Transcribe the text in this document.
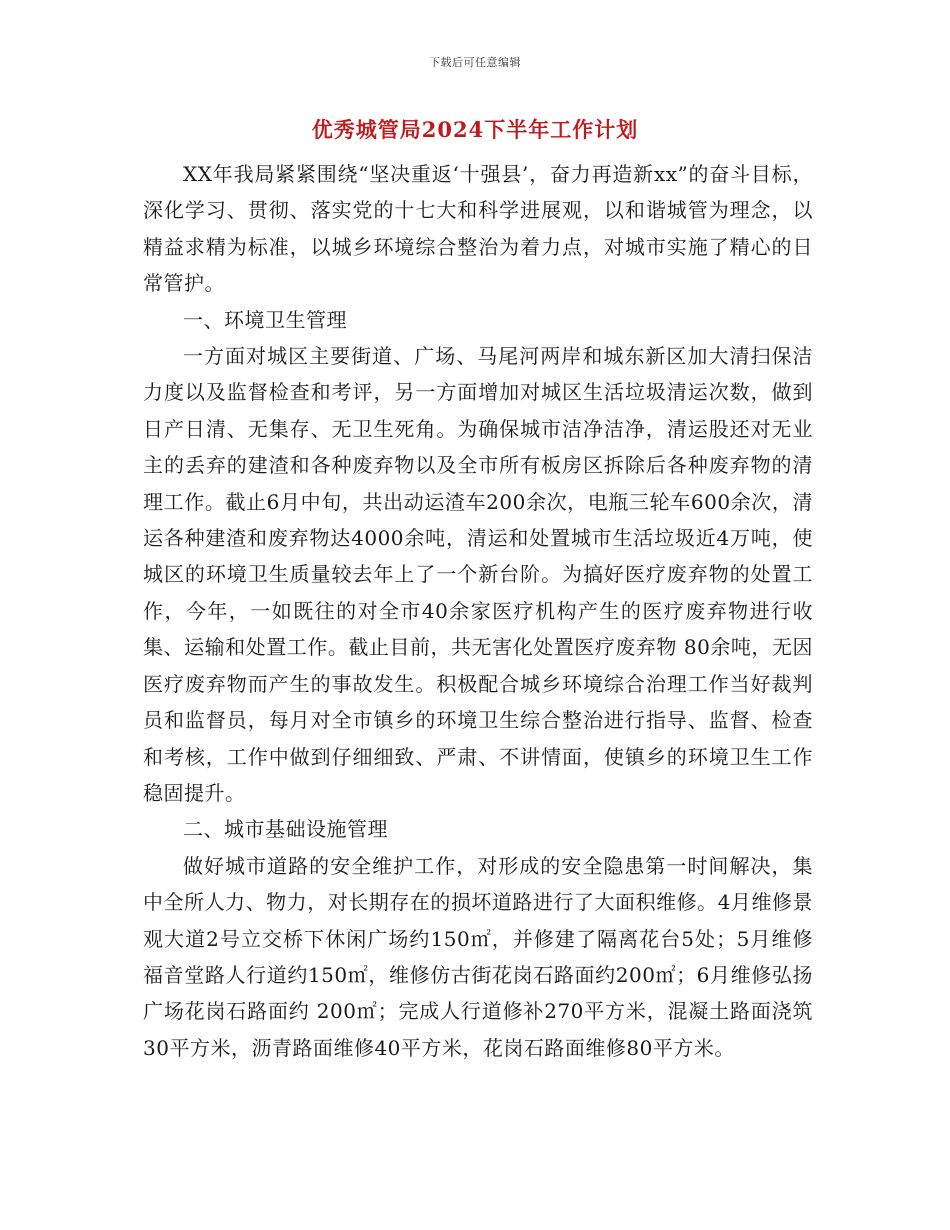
下载后可任意编辑
优秀城管局2024下半年工作计划

XX年我局紧紧围绕“坚决重返‘十强县’，奋力再造新xx”的奋斗目标，深化学习、贯彻、落实党的十七大和科学进展观，以和谐城管为理念，以精益求精为标准，以城乡环境综合整治为着力点，对城市实施了精心的日常管护。

一、环境卫生管理

一方面对城区主要街道、广场、马尾河两岸和城东新区加大清扫保洁力度以及监督检查和考评，另一方面增加对城区生活垃圾清运次数，做到日产日清、无集存、无卫生死角。为确保城市洁净洁净，清运股还对无业主的丢弃的建渣和各种废弃物以及全市所有板房区拆除后各种废弃物的清理工作。截止6月中旬，共出动运渣车200余次，电瓶三轮车600余次，清运各种建渣和废弃物达4000余吨，清运和处置城市生活垃圾近4万吨，使城区的环境卫生质量较去年上了一个新台阶。为搞好医疗废弃物的处置工作，今年，一如既往的对全市40余家医疗机构产生的医疗废弃物进行收集、运输和处置工作。截止目前，共无害化处置医疗废弃物 80余吨，无因医疗废弃物而产生的事故发生。积极配合城乡环境综合治理工作当好裁判员和监督员，每月对全市镇乡的环境卫生综合整治进行指导、监督、检查和考核，工作中做到仔细细致、严肃、不讲情面，使镇乡的环境卫生工作稳固提升。

二、城市基础设施管理

做好城市道路的安全维护工作，对形成的安全隐患第一时间解决，集中全所人力、物力，对长期存在的损坏道路进行了大面积维修。4月维修景观大道2号立交桥下休闲广场约150㎡，并修建了隔离花台5处；5月维修福音堂路人行道约150㎡，维修仿古街花岗石路面约200㎡；6月维修弘扬广场花岗石路面约 200㎡；完成人行道修补270平方米，混凝土路面浇筑30平方米，沥青路面维修40平方米，花岗石路面维修80平方米。
